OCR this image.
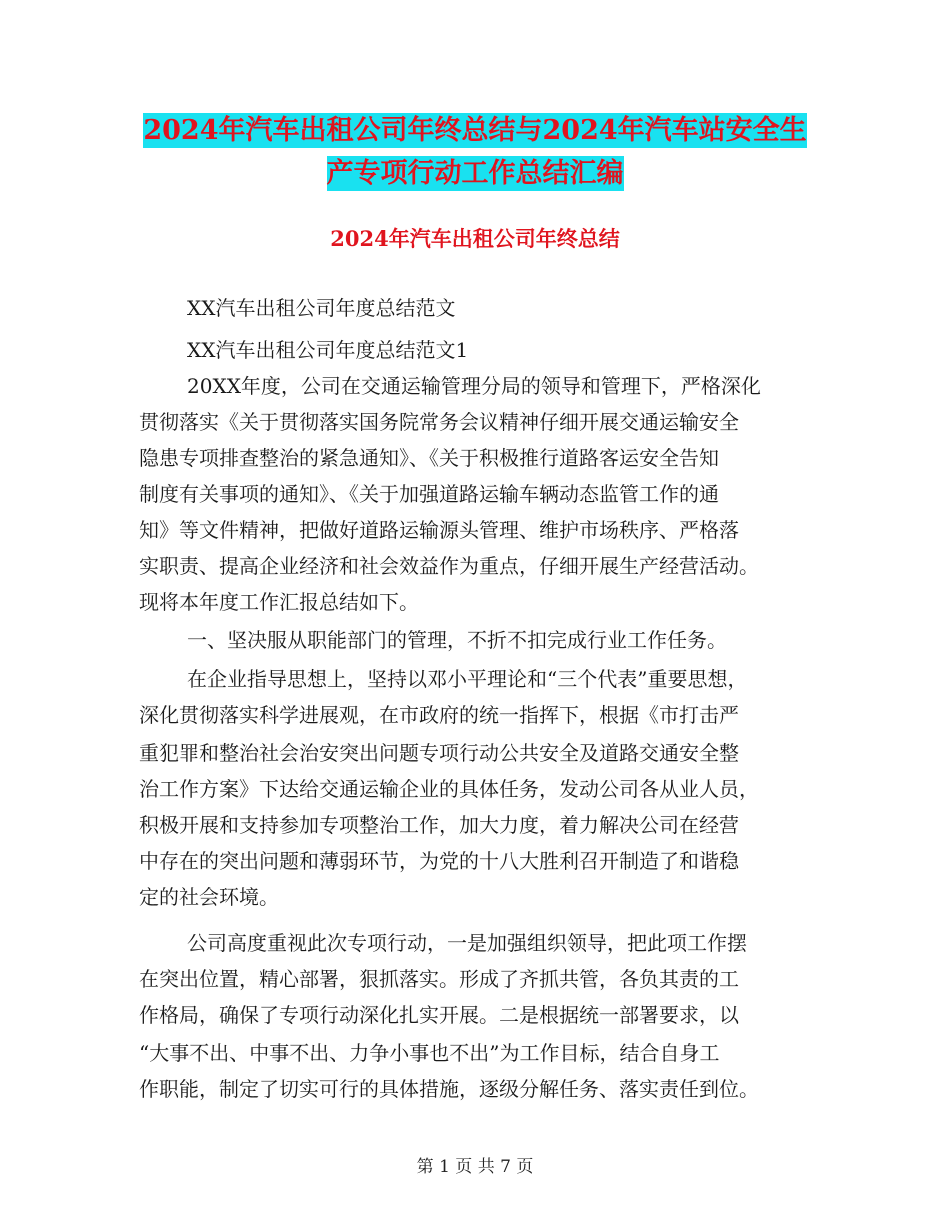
2024年汽车出租公司年终总结与2024年汽车站安全生
产专项行动工作总结汇编
2024年汽车出租公司年终总结
XX汽车出租公司年度总结范文
XX汽车出租公司年度总结范文1
20XX年度，公司在交通运输管理分局的领导和管理下，严格深化
贯彻落实《关于贯彻落实国务院常务会议精神仔细开展交通运输安全
隐患专项排查整治的紧急通知》、《关于积极推行道路客运安全告知
制度有关事项的通知》、《关于加强道路运输车辆动态监管工作的通
知》等文件精神，把做好道路运输源头管理、维护市场秩序、严格落
实职责、提高企业经济和社会效益作为重点，仔细开展生产经营活动。
现将本年度工作汇报总结如下。
一、坚决服从职能部门的管理，不折不扣完成行业工作任务。
在企业指导思想上，坚持以邓小平理论和“三个代表”重要思想，
深化贯彻落实科学进展观，在市政府的统一指挥下，根据《市打击严
重犯罪和整治社会治安突出问题专项行动公共安全及道路交通安全整
治工作方案》下达给交通运输企业的具体任务，发动公司各从业人员，
积极开展和支持参加专项整治工作，加大力度，着力解决公司在经营
中存在的突出问题和薄弱环节，为党的十八大胜利召开制造了和谐稳
定的社会环境。
公司高度重视此次专项行动，一是加强组织领导，把此项工作摆
在突出位置，精心部署，狠抓落实。形成了齐抓共管，各负其责的工
作格局，确保了专项行动深化扎实开展。二是根据统一部署要求，以
“大事不出、中事不出、力争小事也不出”为工作目标，结合自身工
作职能，制定了切实可行的具体措施，逐级分解任务、落实责任到位。
第 1 页 共 7 页
